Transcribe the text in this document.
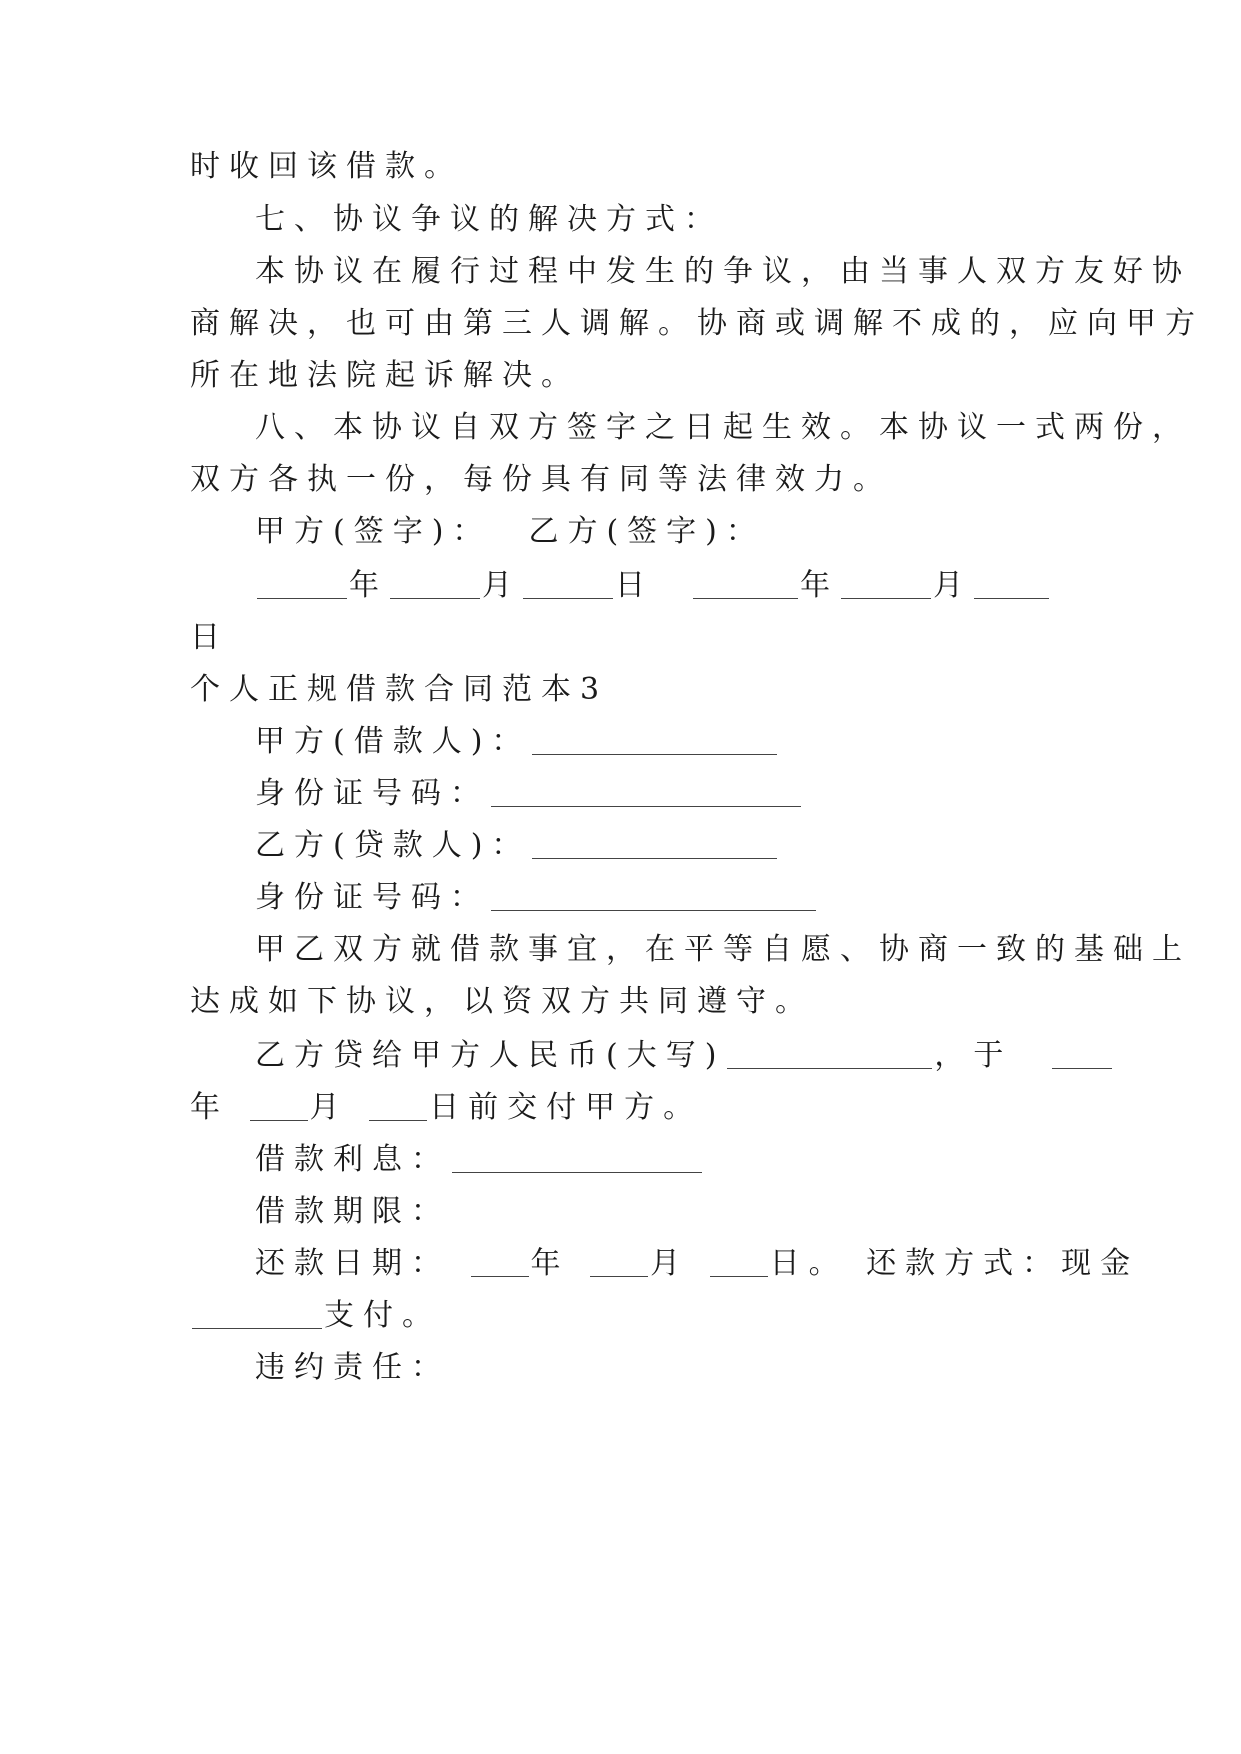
时收回该借款。
七、协议争议的解决方式：
本协议在履行过程中发生的争议，由当事人双方友好协
商解决，也可由第三人调解。协商或调解不成的，应向甲方
所在地法院起诉解决。
八、本协议自双方签字之日起生效。本协议一式两份，
双方各执一份，每份具有同等法律效力。
甲方(签字)：  乙方(签字)：
年	月	日	年	月
日
个人正规借款合同范本3
甲方(借款人)：
身份证号码：
乙方(贷款人)：
身份证号码：
甲乙双方就借款事宜，在平等自愿、协商一致的基础上
达成如下协议，以资双方共同遵守。
乙方贷给甲方人民币(大写)	，于
年	月	日前交付甲方。
借款利息：
借款期限：
还款日期：	年	月	日。 还款方式：现金
支付。
违约责任：
